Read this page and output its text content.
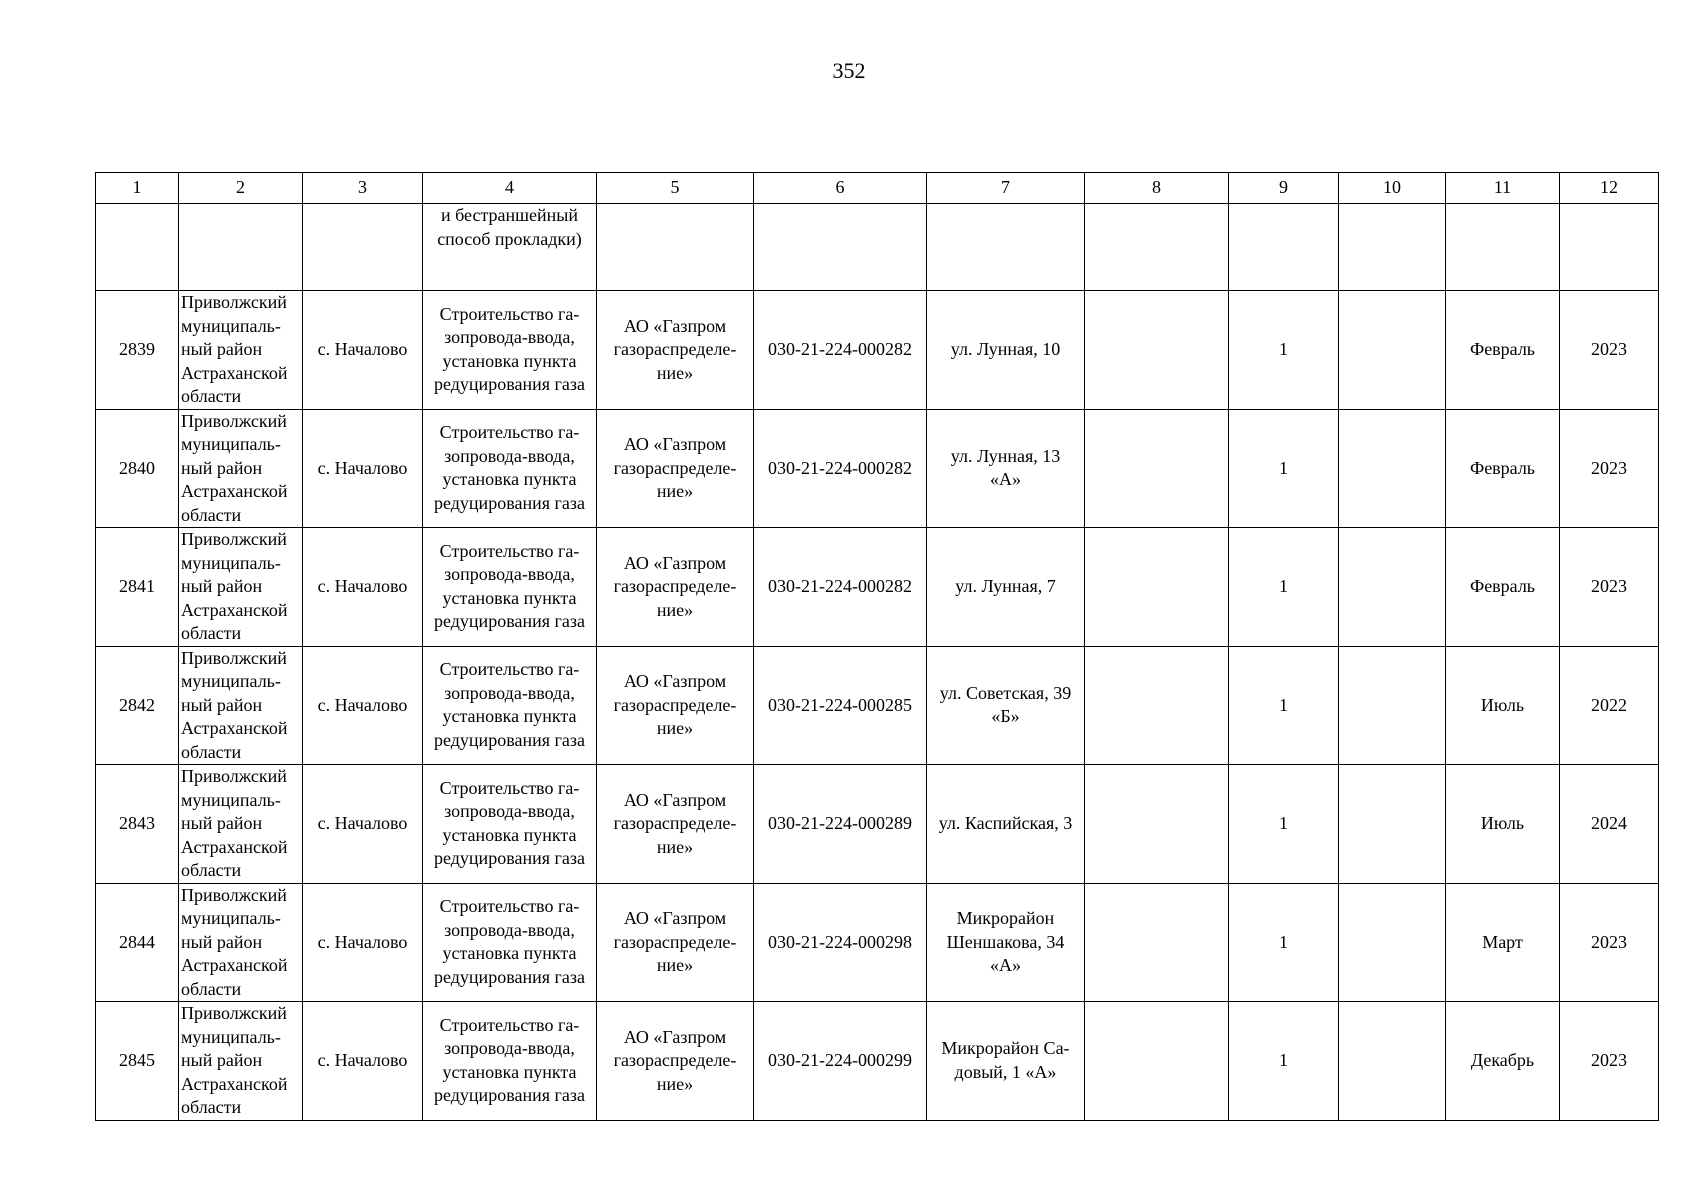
352
1	2	3	4	5	6	7	8	9	10	11	12

			и бестраншейный
способ прокладки)								

2839	Приволжский
муниципаль-
ный район
Астраханской
области	с. Началово	Строительство га-
зопровода-ввода,
установка пункта
редуцирования газа	АО «Газпром
газораспределе-
ние»	030-21-224-000282	ул. Лунная, 10		1		Февраль	2023
2840	Приволжский
муниципаль-
ный район
Астраханской
области	с. Началово	Строительство га-
зопровода-ввода,
установка пункта
редуцирования газа	АО «Газпром
газораспределе-
ние»	030-21-224-000282	ул. Лунная, 13
«А»		1		Февраль	2023
2841	Приволжский
муниципаль-
ный район
Астраханской
области	с. Началово	Строительство га-
зопровода-ввода,
установка пункта
редуцирования газа	АО «Газпром
газораспределе-
ние»	030-21-224-000282	ул. Лунная, 7		1		Февраль	2023
2842	Приволжский
муниципаль-
ный район
Астраханской
области	с. Началово	Строительство га-
зопровода-ввода,
установка пункта
редуцирования газа	АО «Газпром
газораспределе-
ние»	030-21-224-000285	ул. Советская, 39
«Б»		1		Июль	2022
2843	Приволжский
муниципаль-
ный район
Астраханской
области	с. Началово	Строительство га-
зопровода-ввода,
установка пункта
редуцирования газа	АО «Газпром
газораспределе-
ние»	030-21-224-000289	ул. Каспийская, 3		1		Июль	2024
2844	Приволжский
муниципаль-
ный район
Астраханской
области	с. Началово	Строительство га-
зопровода-ввода,
установка пункта
редуцирования газа	АО «Газпром
газораспределе-
ние»	030-21-224-000298	Микрорайон
Шеншакова, 34
«А»		1		Март	2023
2845	Приволжский
муниципаль-
ный район
Астраханской
области	с. Началово	Строительство га-
зопровода-ввода,
установка пункта
редуцирования газа	АО «Газпром
газораспределе-
ние»	030-21-224-000299	Микрорайон Са-
довый, 1 «А»		1		Декабрь	2023
